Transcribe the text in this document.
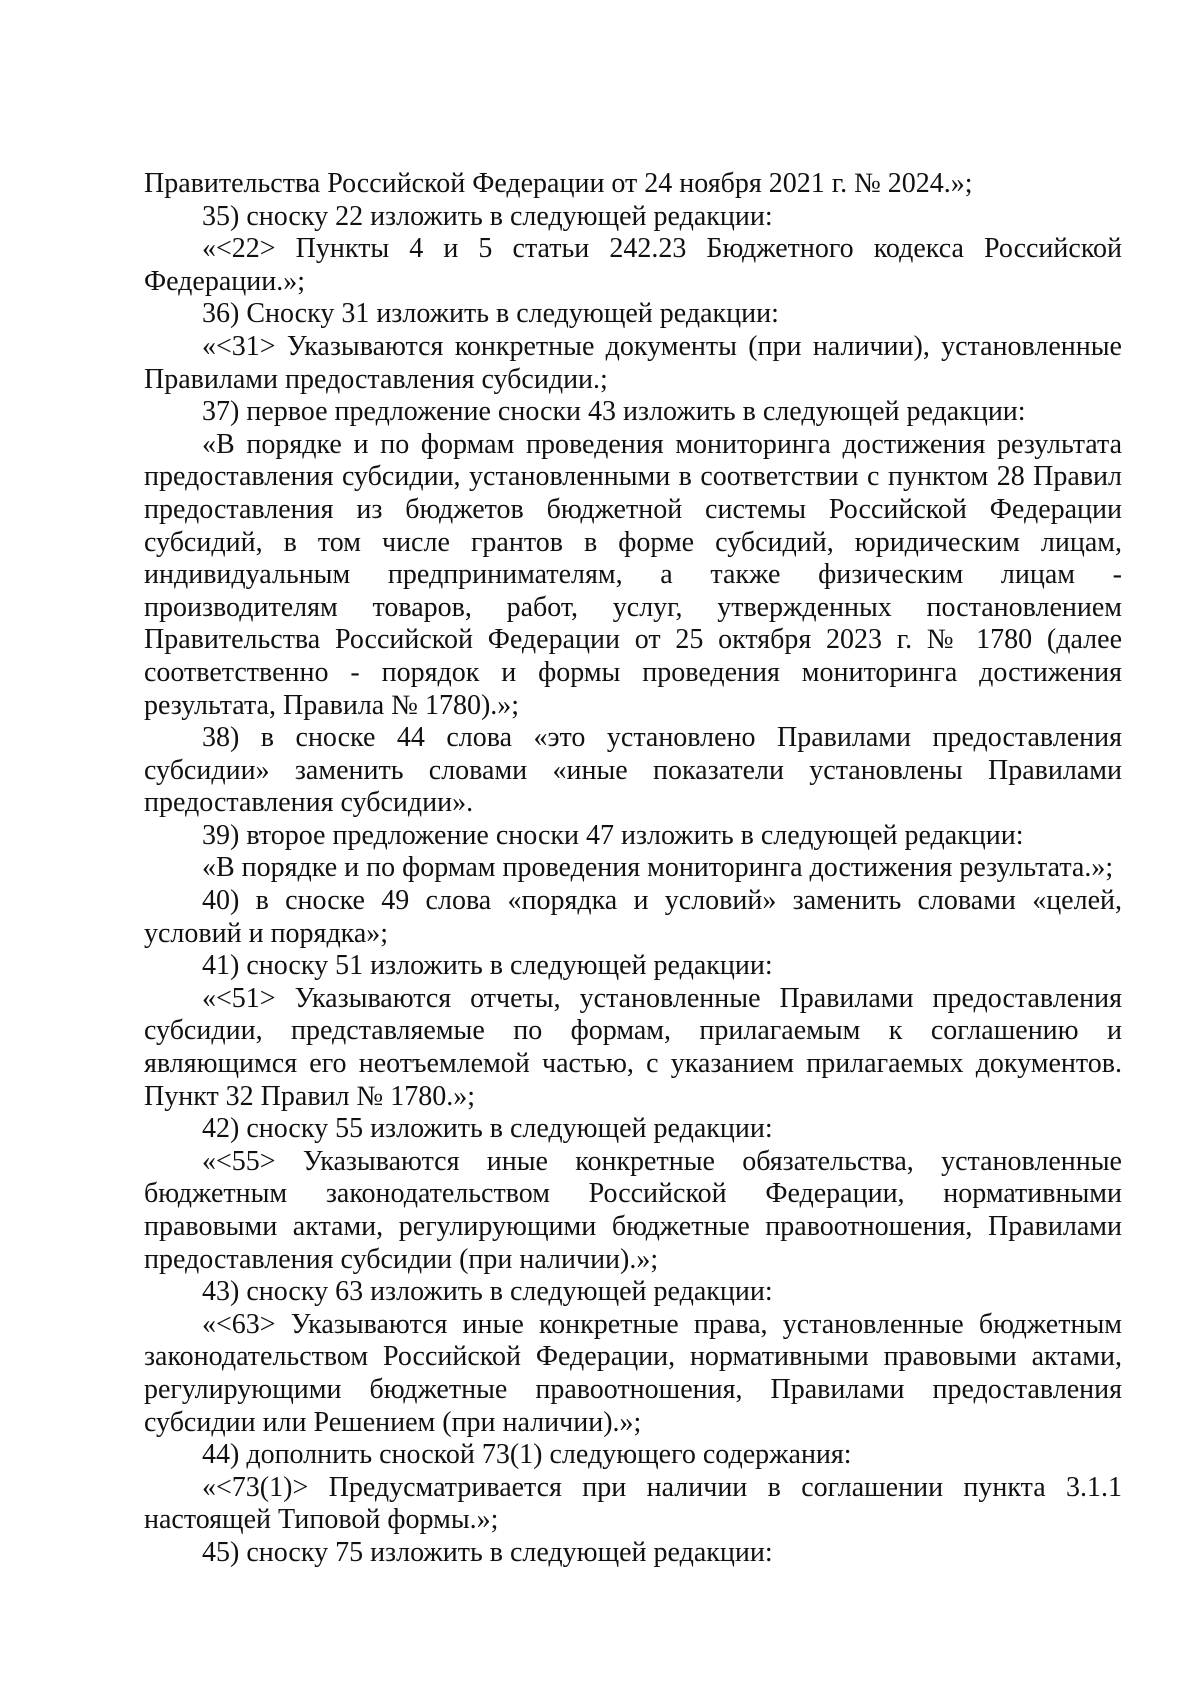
Правительства Российской Федерации от 24 ноября 2021 г. № 2024.»;

35) сноску 22 изложить в следующей редакции:

«<22> Пункты 4 и 5 статьи 242.23 Бюджетного кодекса Российской Федерации.»;

36) Сноску 31 изложить в следующей редакции:

«<31> Указываются конкретные документы (при наличии), установленные Правилами предоставления субсидии.;

37) первое предложение сноски 43 изложить в следующей редакции:

«В порядке и по формам проведения мониторинга достижения результата предоставления субсидии, установленными в соответствии с пунктом 28 Правил предоставления из бюджетов бюджетной системы Российской Федерации субсидий, в том числе грантов в форме субсидий, юридическим лицам, индивидуальным предпринимателям, а также физическим лицам - производителям товаров, работ, услуг, утвержденных постановлением Правительства Российской Федерации от 25 октября 2023 г. № 1780 (далее соответственно - порядок и формы проведения мониторинга достижения результата, Правила № 1780).»;

38) в сноске 44 слова «это установлено Правилами предоставления субсидии» заменить словами «иные показатели установлены Правилами предоставления субсидии».

39) второе предложение сноски 47 изложить в следующей редакции:

«В порядке и по формам проведения мониторинга достижения результата.»;

40) в сноске 49 слова «порядка и условий» заменить словами «целей, условий и порядка»;

41) сноску 51 изложить в следующей редакции:

«<51> Указываются отчеты, установленные Правилами предоставления субсидии, представляемые по формам, прилагаемым к соглашению и являющимся его неотъемлемой частью, с указанием прилагаемых документов. Пункт 32 Правил № 1780.»;

42) сноску 55 изложить в следующей редакции:

«<55> Указываются иные конкретные обязательства, установленные бюджетным законодательством Российской Федерации, нормативными правовыми актами, регулирующими бюджетные правоотношения, Правилами предоставления субсидии (при наличии).»;

43) сноску 63 изложить в следующей редакции:

«<63> Указываются иные конкретные права, установленные бюджетным законодательством Российской Федерации, нормативными правовыми актами, регулирующими бюджетные правоотношения, Правилами предоставления субсидии или Решением (при наличии).»;

44) дополнить сноской 73(1) следующего содержания:

«<73(1)> Предусматривается при наличии в соглашении пункта 3.1.1 настоящей Типовой формы.»;

45) сноску 75 изложить в следующей редакции:
